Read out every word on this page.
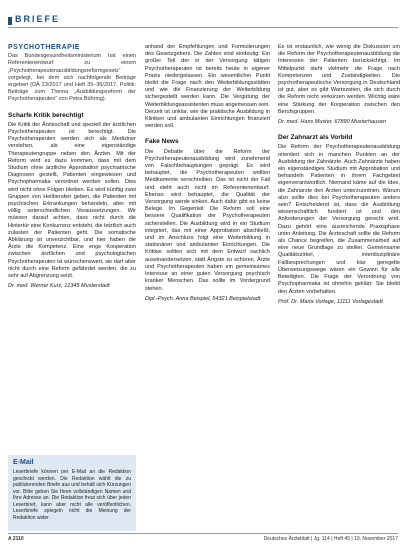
BRIEFE
PSYCHOTHERAPIE

Das Bundesgesundheitsministerium hat einen Referentenentwurf zu einem „Psychotherapeutenausbildungsreformgesetz“ vorgelegt, bei dem sich nachfolgende Beiträge ergeben (DÄ 23/2017 und Heft 35–36/2017, Politik: Beiträge zum Thema „Ausbildungsreform der Psychotherapeuten“ von Petra Bühring).

Scharfe Kritik berechtigt

Die Kritik der Ärzteschaft und speziell der ärztlichen Psychotherapeuten ist berechtigt. Die Psychotherapeuten werden sich als Mediziner verstehen, als eine eigenständige Therapeutengruppe neben den Ärzten. Mit der Reform wird es dazu kommen, dass mit dem Studium ohne ärztliche Approbation psychiatrische Diagnosen gestellt, Patienten eingewiesen und Psychopharmaka verordnet werden sollen. Dies wird nicht ohne Folgen bleiben. Es wird künftig zwei Gruppen von Heilberufen geben, die Patienten mit psychischen Erkrankungen behandeln, aber mit völlig unterschiedlichen Voraussetzungen. Wir müssen darauf achten, dass nicht durch die Hintertür eine Konkurrenz entsteht, die letztlich auch zulasten der Patienten geht. Die somatische Abklärung ist unverzichtbar, und hier haben die Ärzte die Kompetenz. Eine enge Kooperation zwischen ärztlichen und psychologischen Psychotherapeuten ist wünschenswert, sie darf aber nicht durch eine Reform gefährdet werden, die zu sehr auf Abgrenzung setzt.

Dr. med. Werner Kurz, 12345 Musterstadt

anhand der Empfehlungen und Formulierungen des Gesetzgebers. Die Zahlen sind eindeutig: Ein großer Teil der in der Versorgung tätigen Psychotherapeuten ist bereits heute in eigener Praxis niedergelassen. Ein wesentlicher Punkt bleibt die Frage nach den Weiterbildungsstätten und wie die Finanzierung der Weiterbildung sichergestellt werden kann. Die Vergütung der Weiterbildungsassistenten muss angemessen sein. Derzeit ist unklar, wie die praktische Ausbildung in Kliniken und ambulanten Einrichtungen finanziert werden soll.

Fake News

Die Debatte über die Reform der Psychotherapeutenausbildung wird zunehmend von Falschbehauptungen geprägt. Es wird behauptet, die Psychotherapeuten wollten Medikamente verschreiben. Das ist nicht der Fall und steht auch nicht im Referentenentwurf. Ebenso wird behauptet, die Qualität der Versorgung werde sinken. Auch dafür gibt es keine Belege. Im Gegenteil: Die Reform soll eine bessere Qualifikation der Psychotherapeuten sicherstellen. Die Ausbildung wird in ein Studium integriert, das mit einer Approbation abschließt, und im Anschluss folgt eine Weiterbildung in stationären und ambulanten Einrichtungen. Die Kritiker sollten sich mit dem Entwurf sachlich auseinandersetzen, statt Ängste zu schüren. Ärzte und Psychotherapeuten haben ein gemeinsames Interesse an einer guten Versorgung psychisch kranker Menschen. Das sollte im Vordergrund stehen.

Dipl.-Psych. Anna Beispiel, 54321 Beispielstadt

Es ist erstaunlich, wie wenig die Diskussion um die Reform der Psychotherapeutenausbildung die Interessen der Patienten berücksichtigt. Im Mittelpunkt steht vielmehr die Frage nach Kompetenzen und Zuständigkeiten. Die psychotherapeutische Versorgung in Deutschland ist gut, aber es gibt Wartezeiten, die sich durch die Reform nicht verkürzen werden. Wichtig wäre eine Stärkung der Kooperation zwischen den Berufsgruppen.

Dr. med. Hans Muster, 67890 Musterhausen

Der Zahnarzt als Vorbild

Die Reform der Psychotherapeutenausbildung orientiert sich in manchen Punkten an der Ausbildung der Zahnärzte. Auch Zahnärzte haben ein eigenständiges Studium mit Approbation und behandeln Patienten in ihrem Fachgebiet eigenverantwortlich. Niemand käme auf die Idee, die Zahnärzte den Ärzten unterzuordnen. Warum also sollte dies bei Psychotherapeuten anders sein? Entscheidend ist, dass die Ausbildung wissenschaftlich fundiert ist und den Anforderungen der Versorgung gerecht wird. Dazu gehört eine ausreichende Praxisphase unter Anleitung. Die Ärzteschaft sollte die Reform als Chance begreifen, die Zusammenarbeit auf eine neue Grundlage zu stellen. Gemeinsame Qualitätszirkel, interdisziplinäre Fallbesprechungen und klar geregelte Überweisungswege wären ein Gewinn für alle Beteiligten. Die Frage der Verordnung von Psychopharmaka ist ohnehin geklärt: Sie bleibt den Ärzten vorbehalten.

Prof. Dr. Maria Vorlage, 11111 Vorlagestadt

E-Mail
Leserbriefe können per E-Mail an die Redaktion geschickt werden. Die Redaktion wählt die zu publizierenden Briefe aus und behält sich Kürzungen vor. Bitte geben Sie Ihren vollständigen Namen und Ihre Adresse an. Die Redaktion freut sich über jeden Leserbrief, kann aber nicht alle veröffentlichen. Leserbriefe spiegeln nicht die Meinung der Redaktion wider.
A 2110	Deutsches Ärzteblatt | Jg. 114 | Heft 45 | 10. November 2017
